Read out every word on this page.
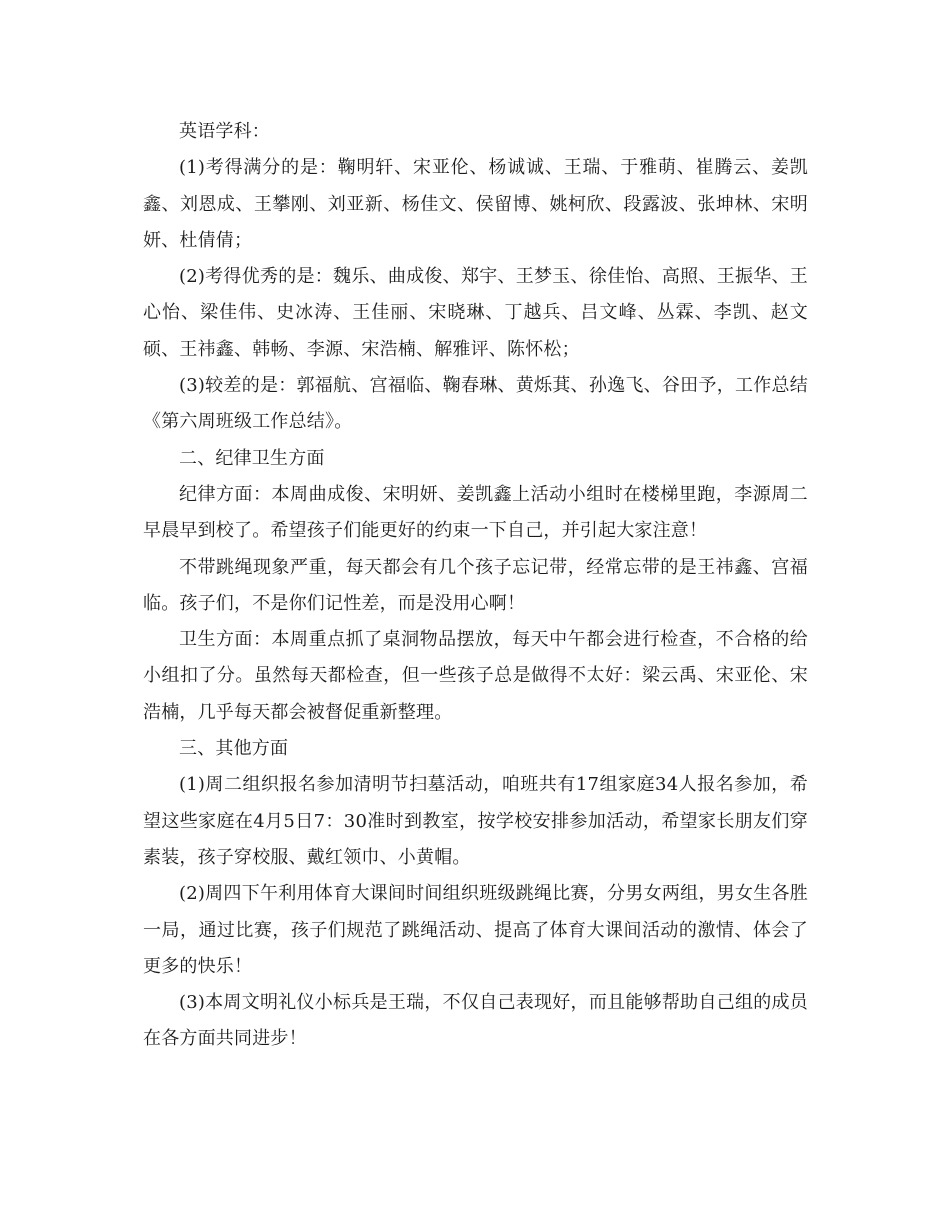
英语学科：

(1)考得满分的是：鞠明轩、宋亚伦、杨诚诚、王瑞、于雅萌、崔腾云、姜凯鑫、刘恩成、王攀刚、刘亚新、杨佳文、侯留博、姚柯欣、段露波、张坤林、宋明妍、杜倩倩；

(2)考得优秀的是：魏乐、曲成俊、郑宇、王梦玉、徐佳怡、高照、王振华、王心怡、梁佳伟、史冰涛、王佳丽、宋晓琳、丁越兵、吕文峰、丛霖、李凯、赵文硕、王祎鑫、韩畅、李源、宋浩楠、解雅评、陈怀松；

(3)较差的是：郭福航、宫福临、鞠春琳、黄烁萁、孙逸飞、谷田予，工作总结《第六周班级工作总结》。

二、纪律卫生方面

纪律方面：本周曲成俊、宋明妍、姜凯鑫上活动小组时在楼梯里跑，李源周二早晨早到校了。希望孩子们能更好的约束一下自己，并引起大家注意！

不带跳绳现象严重，每天都会有几个孩子忘记带，经常忘带的是王祎鑫、宫福临。孩子们，不是你们记性差，而是没用心啊！

卫生方面：本周重点抓了桌洞物品摆放，每天中午都会进行检查，不合格的给小组扣了分。虽然每天都检查，但一些孩子总是做得不太好：梁云禹、宋亚伦、宋浩楠，几乎每天都会被督促重新整理。

三、其他方面

(1)周二组织报名参加清明节扫墓活动，咱班共有17组家庭34人报名参加，希望这些家庭在4月5日7：30准时到教室，按学校安排参加活动，希望家长朋友们穿素装，孩子穿校服、戴红领巾、小黄帽。

(2)周四下午利用体育大课间时间组织班级跳绳比赛，分男女两组，男女生各胜一局，通过比赛，孩子们规范了跳绳活动、提高了体育大课间活动的激情、体会了更多的快乐！

(3)本周文明礼仪小标兵是王瑞，不仅自己表现好，而且能够帮助自己组的成员在各方面共同进步！
